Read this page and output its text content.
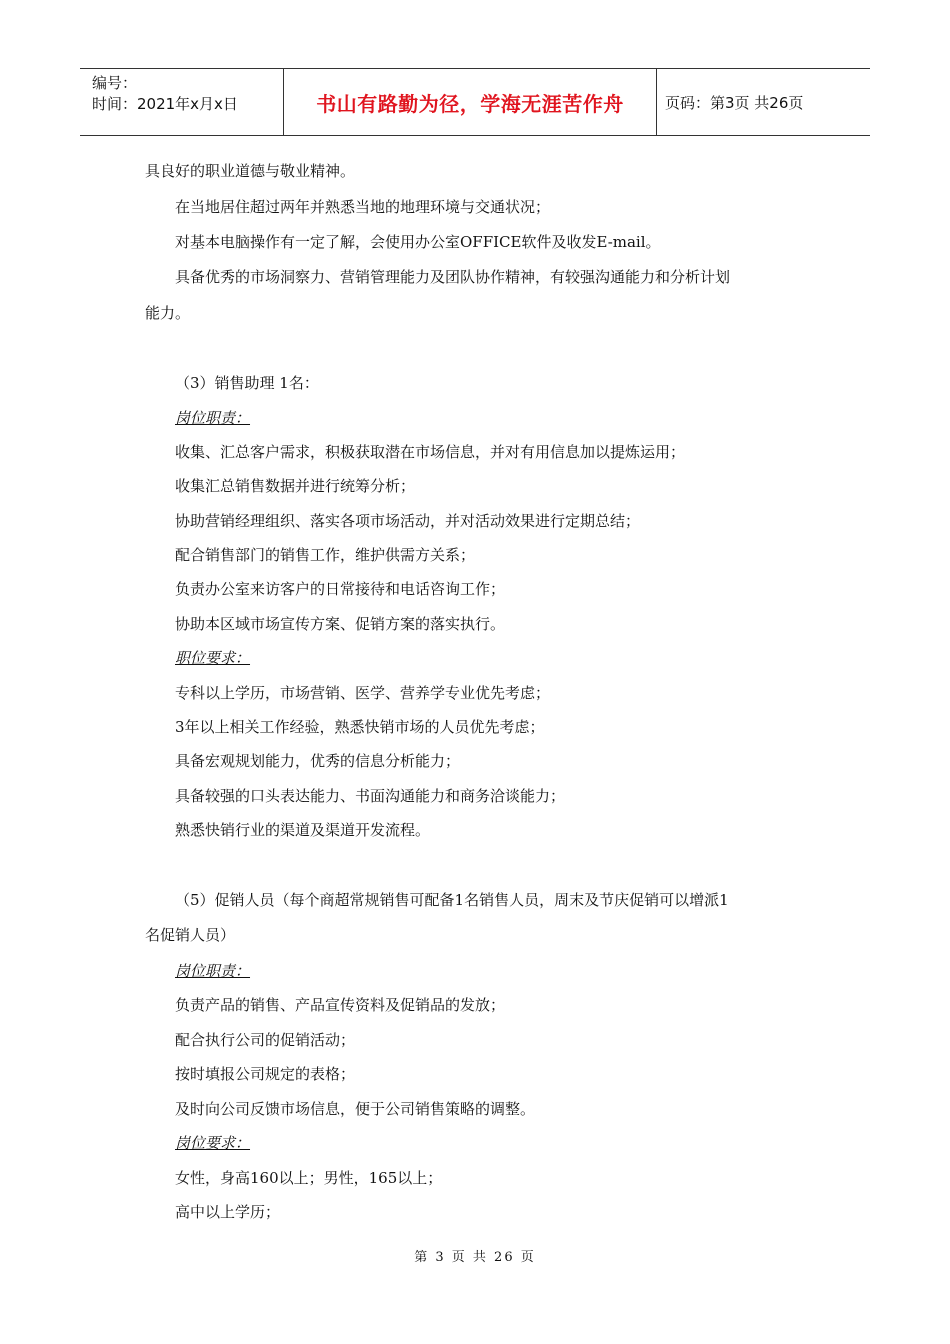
编号：
时间：2021年x月x日	书山有路勤为径，学海无涯苦作舟	页码：第3页 共26页
具良好的职业道德与敬业精神。
在当地居住超过两年并熟悉当地的地理环境与交通状况；
对基本电脑操作有一定了解，会使用办公室OFFICE软件及收发E-mail。
具备优秀的市场洞察力、营销管理能力及团队协作精神，有较强沟通能力和分析计划
能力。
（3）销售助理 1名：
岗位职责：
收集、汇总客户需求，积极获取潜在市场信息，并对有用信息加以提炼运用；
收集汇总销售数据并进行统筹分析；
协助营销经理组织、落实各项市场活动，并对活动效果进行定期总结；
配合销售部门的销售工作，维护供需方关系；
负责办公室来访客户的日常接待和电话咨询工作；
协助本区域市场宣传方案、促销方案的落实执行。
职位要求：
专科以上学历，市场营销、医学、营养学专业优先考虑；
3年以上相关工作经验，熟悉快销市场的人员优先考虑；
具备宏观规划能力，优秀的信息分析能力；
具备较强的口头表达能力、书面沟通能力和商务洽谈能力；
熟悉快销行业的渠道及渠道开发流程。
（5）促销人员（每个商超常规销售可配备1名销售人员，周末及节庆促销可以增派1
名促销人员）
岗位职责：
负责产品的销售、产品宣传资料及促销品的发放；
配合执行公司的促销活动；
按时填报公司规定的表格；
及时向公司反馈市场信息，便于公司销售策略的调整。
岗位要求：
女性，身高160以上；男性，165以上；
高中以上学历；
第 3 页 共 26 页
